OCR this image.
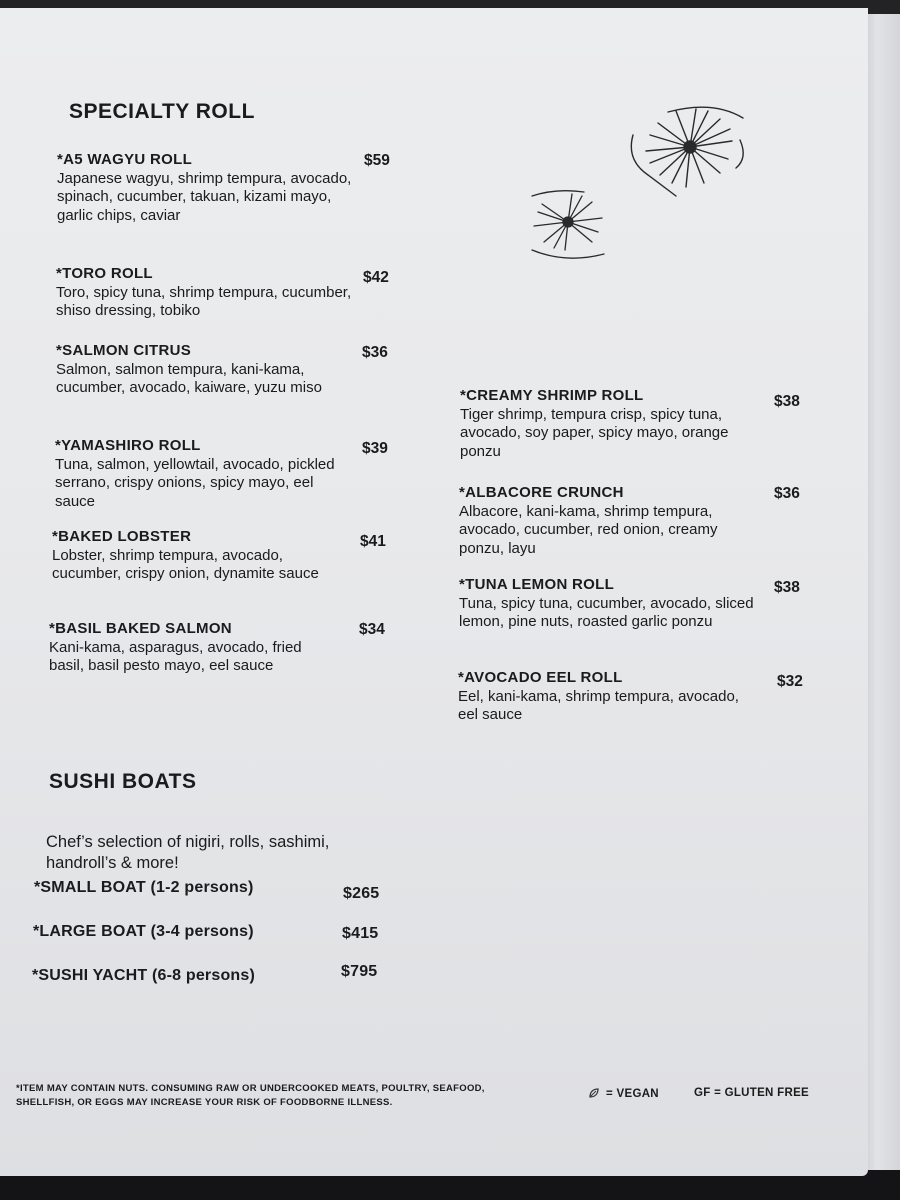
SPECIALTY ROLL
*A5 WAGYU ROLL
Japanese wagyu, shrimp tempura, avocado, spinach, cucumber, takuan, kizami mayo, garlic chips, caviar
$59
*TORO ROLL
Toro, spicy tuna, shrimp tempura, cucumber, shiso dressing, tobiko
$42
*SALMON CITRUS
Salmon, salmon tempura, kani-kama, cucumber, avocado, kaiware, yuzu miso
$36
*YAMASHIRO ROLL
Tuna, salmon, yellowtail, avocado, pickled serrano, crispy onions, spicy mayo, eel sauce
$39
*BAKED LOBSTER
Lobster, shrimp tempura, avocado, cucumber, crispy onion, dynamite sauce
$41
*BASIL BAKED SALMON
Kani-kama, asparagus, avocado, fried basil, basil pesto mayo, eel sauce
$34
*CREAMY SHRIMP ROLL
Tiger shrimp, tempura crisp, spicy tuna, avocado, soy paper, spicy mayo, orange ponzu
$38
*ALBACORE CRUNCH
Albacore, kani-kama, shrimp tempura, avocado, cucumber, red onion, creamy ponzu, layu
$36
*TUNA LEMON ROLL
Tuna, spicy tuna, cucumber, avocado, sliced lemon, pine nuts, roasted garlic ponzu
$38
*AVOCADO EEL ROLL
Eel, kani-kama, shrimp tempura, avocado, eel sauce
$32
SUSHI BOATS
Chef’s selection of nigiri, rolls, sashimi, handroll’s & more!
*SMALL BOAT (1-2 persons)	$265
*LARGE BOAT (3-4 persons)	$415
*SUSHI YACHT (6-8 persons)	$795
*ITEM MAY CONTAIN NUTS. CONSUMING RAW OR UNDERCOOKED MEATS, POULTRY, SEAFOOD, SHELLFISH, OR EGGS MAY INCREASE YOUR RISK OF FOODBORNE ILLNESS.
= VEGAN	GF = GLUTEN FREE
